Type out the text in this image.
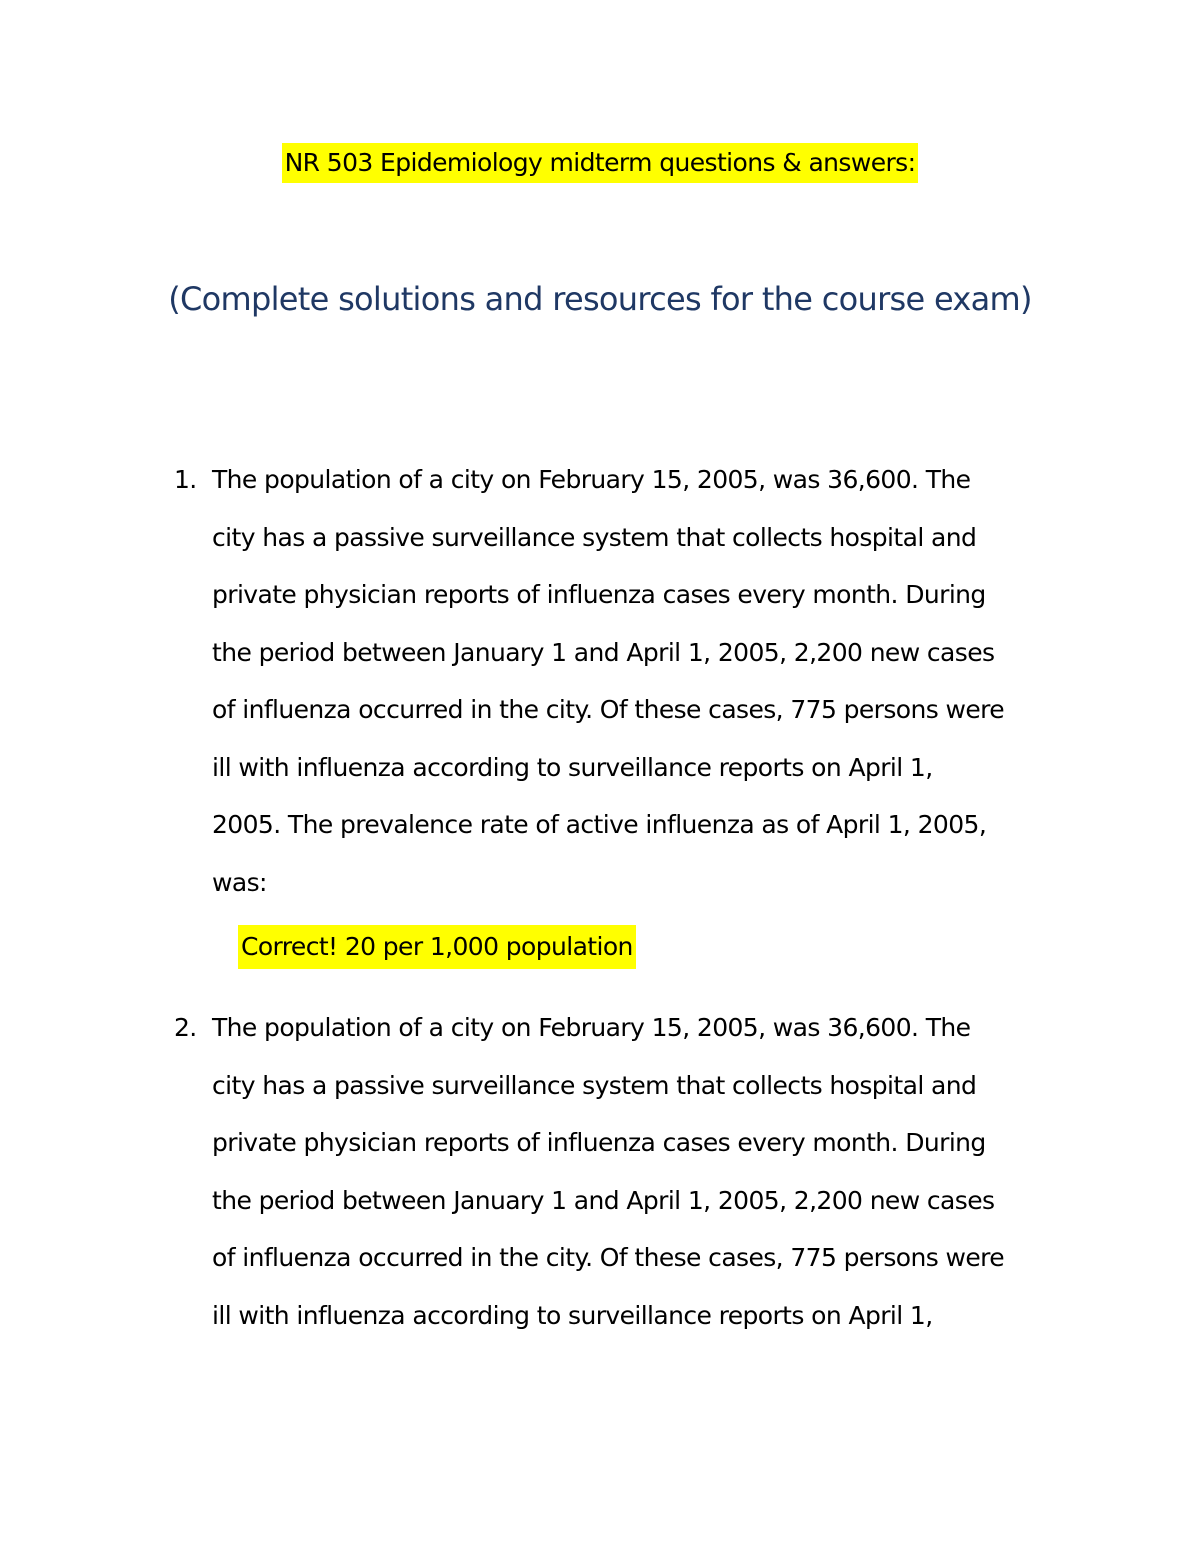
NR 503 Epidemiology midterm questions & answers:
(Complete solutions and resources for the course exam)
1. The population of a city on February 15, 2005, was 36,600. The
city has a passive surveillance system that collects hospital and
private physician reports of influenza cases every month. During
the period between January 1 and April 1, 2005, 2,200 new cases
of influenza occurred in the city. Of these cases, 775 persons were
ill with influenza according to surveillance reports on April 1,
2005. The prevalence rate of active influenza as of April 1, 2005,
was:
Correct! 20 per 1,000 population
2. The population of a city on February 15, 2005, was 36,600. The
city has a passive surveillance system that collects hospital and
private physician reports of influenza cases every month. During
the period between January 1 and April 1, 2005, 2,200 new cases
of influenza occurred in the city. Of these cases, 775 persons were
ill with influenza according to surveillance reports on April 1,
